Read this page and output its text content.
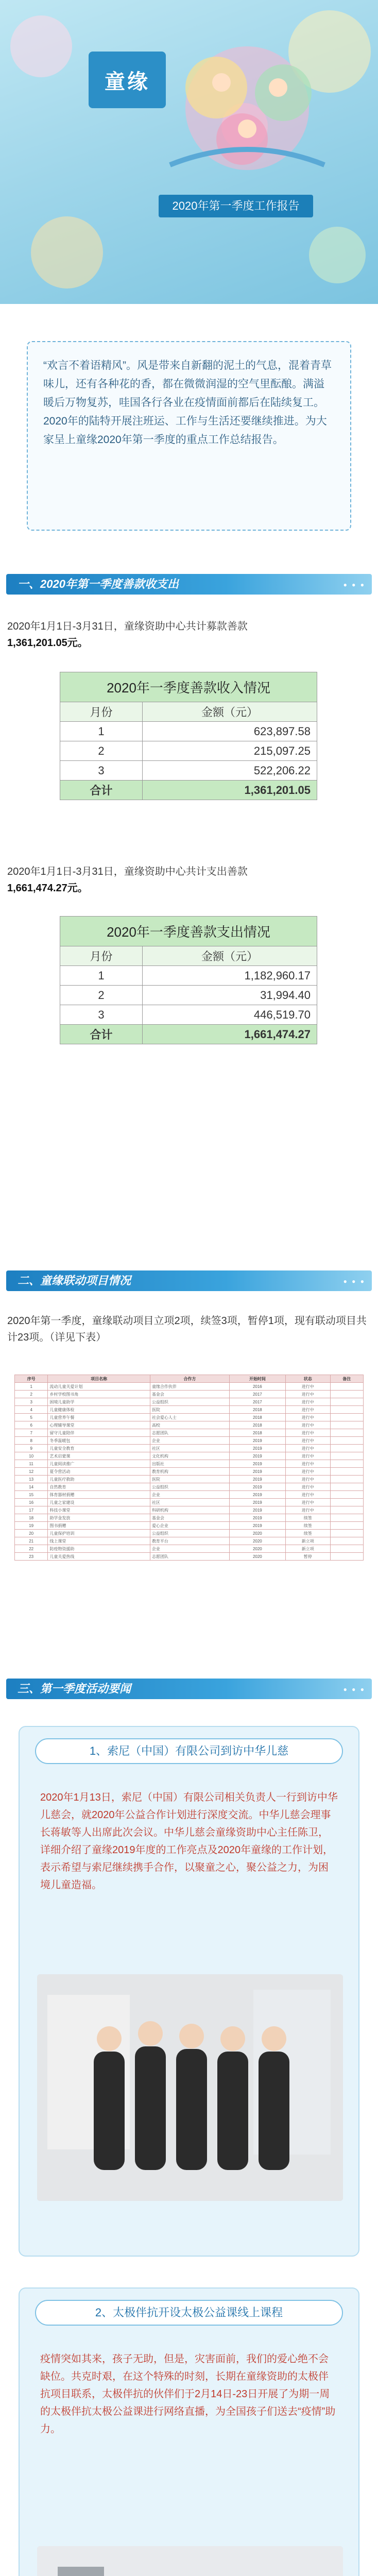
童缘
2020年第一季度工作报告
“欢言不着语精风”。风是带来自新翻的泥土的气息，混着青草味儿，还有各种花的香，都在微微润湿的空气里酝酿。满溢暖后万物复苏，哇国各行各业在疫情面前都后在陆续复工。2020年的陆特开展注班运、工作与生活还要继续推进。为大家呈上童缘2020年第一季度的重点工作总结报告。
一、2020年第一季度善款收支出	● ● ●
2020年1月1日-3月31日，童缘资助中心共计募款善款
1,361,201.05元。
2020年一季度善款收入情况
月份	金额（元）
1	623,897.58
2	215,097.25
3	522,206.22
合计	1,361,201.05
2020年1月1日-3月31日，童缘资助中心共计支出善款
1,661,474.27元。
2020年一季度善款支出情况
月份	金额（元）
1	1,182,960.17
2	31,994.40
3	446,519.70
合计	1,661,474.27
二、童缘联动项目情况	● ● ●
2020年第一季度，童缘联动项目立项2项，续签3项，暂停1项，现有联动项目共计23项。（详见下表）
序号	项目名称	合作方	开始时间	状态	备注
1	流动儿童关爱计划	童缘合作伙伴	2016	进行中	
2	乡村学校图书角	基金会	2017	进行中	
3	困境儿童助学	公益组织	2017	进行中	
4	儿童健康体检	医院	2018	进行中	
5	儿童营养午餐	社会爱心人士	2018	进行中	
6	心理辅导课堂	高校	2018	进行中	
7	留守儿童陪伴	志愿团队	2018	进行中	
8	冬季温暖包	企业	2019	进行中	
9	儿童安全教育	社区	2019	进行中	
10	艺术启蒙课	文化机构	2019	进行中	
11	儿童阅读推广	出版社	2019	进行中	
12	夏令营活动	教育机构	2019	进行中	
13	儿童医疗救助	医院	2019	进行中	
14	自然教育	公益组织	2019	进行中	
15	体育器材捐赠	企业	2019	进行中	
16	儿童之家建设	社区	2019	进行中	
17	科技小课堂	科研机构	2019	进行中	
18	助学金发放	基金会	2019	续签	
19	图书捐赠	爱心企业	2019	续签	
20	儿童保护培训	公益组织	2020	续签	
21	线上课堂	教育平台	2020	新立项	
22	防疫物资援助	企业	2020	新立项	
23	儿童关爱热线	志愿团队	2020	暂停	
三、第一季度活动要闻	● ● ●
1、索尼（中国）有限公司到访中华儿慈
2020年1月13日，索尼（中国）有限公司相关负责人一行到访中华儿慈会，就2020年公益合作计划进行深度交流。中华儿慈会理事长蒋敏等人出席此次会议。中华儿慈会童缘资助中心主任陈卫，详细介绍了童缘2019年度的工作亮点及2020年童缘的工作计划，表示希望与索尼继续携手合作，以聚童之心，聚公益之力，为困境儿童造福。
2、太极伴抗开设太极公益课线上课程
疫情突如其来，孩子无助，但是，灾害面前，我们的爱心绝不会缺位。共克时艰，在这个特殊的时刻，长期在童缘资助的太极伴抗项目联系，太极伴抗的伙伴们于2月14日-23日开展了为期一周的太极伴抗太极公益课进行网络直播，为全国孩子们送去“疫情”助力。
